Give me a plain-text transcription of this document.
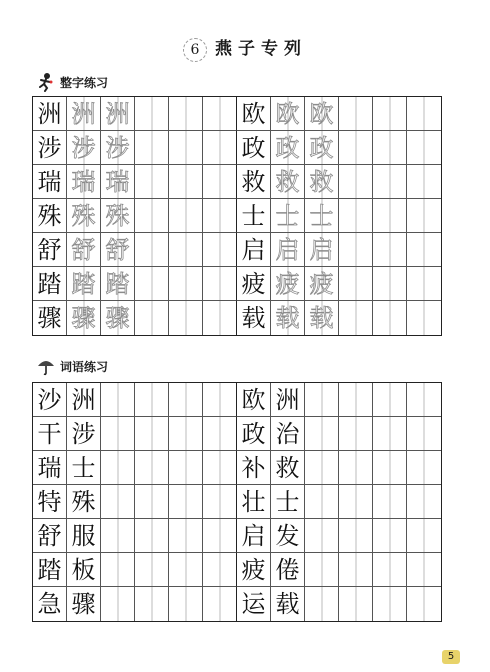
6 燕子专列
整字练习
洲 洲 洲	欧 欧 欧
涉 涉 涉	政 政 政
瑞 瑞 瑞	救 救 救
殊 殊 殊	士 士 士
舒 舒 舒	启 启 启
踏 踏 踏	疲 疲 疲
骤 骤 骤	载 载 载
词语练习
沙 洲	欧 洲
干 涉	政 治
瑞 士	补 救
特 殊	壮 士
舒 服	启 发
踏 板	疲 倦
急 骤	运 载
5
